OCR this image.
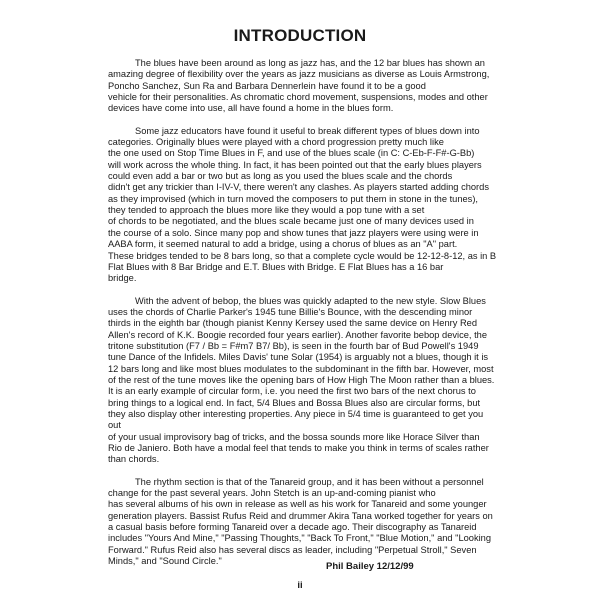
INTRODUCTION
The blues have been around as long as jazz has, and the 12 bar blues has shown an
amazing degree of flexibility over the years as jazz musicians as diverse as Louis Armstrong,
Poncho Sanchez, Sun Ra and Barbara Dennerlein have found it to be a good
vehicle for their personalities. As chromatic chord movement, suspensions, modes and other
devices have come into use, all have found a home in the blues form.
Some jazz educators have found it useful to break different types of blues down into
categories. Originally blues were played with a chord progression pretty much like
the one used on Stop Time Blues in F, and use of the blues scale (in C: C-Eb-F-F#-G-Bb)
will work across the whole thing. In fact, it has been pointed out that the early blues players
could even add a bar or two but as long as you used the blues scale and the chords
didn't get any trickier than I-IV-V, there weren't any clashes. As players started adding chords
as they improvised (which in turn moved the composers to put them in stone in the tunes),
they tended to approach the blues more like they would a pop tune with a set
of chords to be negotiated, and the blues scale became just one of many devices used in
the course of a solo. Since many pop and show tunes that jazz players were using were in
AABA form, it seemed natural to add a bridge, using a chorus of blues as an "A" part.
These bridges tended to be 8 bars long, so that a complete cycle would be 12-12-8-12, as in B
Flat Blues with 8 Bar Bridge and E.T. Blues with Bridge. E Flat Blues has a 16 bar
bridge.
With the advent of bebop, the blues was quickly adapted to the new style. Slow Blues
uses the chords of Charlie Parker's 1945 tune Billie's Bounce, with the descending minor
thirds in the eighth bar (though pianist Kenny Kersey used the same device on Henry Red
Allen's record of K.K. Boogie recorded four years earlier). Another favorite bebop device, the
tritone substitution (F7 / Bb = F#m7 B7/ Bb), is seen in the fourth bar of Bud Powell's 1949
tune Dance of the Infidels. Miles Davis' tune Solar (1954) is arguably not a blues, though it is
12 bars long and like most blues modulates to the subdominant in the fifth bar. However, most
of the rest of the tune moves like the opening bars of How High The Moon rather than a blues.
It is an early example of circular form, i.e. you need the first two bars of the next chorus to
bring things to a logical end. In fact, 5/4 Blues and Bossa Blues also are circular forms, but
they also display other interesting properties. Any piece in 5/4 time is guaranteed to get you
out
of your usual improvisory bag of tricks, and the bossa sounds more like Horace Silver than
Rio de Janiero. Both have a modal feel that tends to make you think in terms of scales rather
than chords.
The rhythm section is that of the Tanareid group, and it has been without a personnel
change for the past several years. John Stetch is an up-and-coming pianist who
has several albums of his own in release as well as his work for Tanareid and some younger
generation players. Bassist Rufus Reid and drummer Akira Tana worked together for years on
a casual basis before forming Tanareid over a decade ago. Their discography as Tanareid
includes "Yours And Mine," "Passing Thoughts," "Back To Front," "Blue Motion," and "Looking
Forward." Rufus Reid also has several discs as leader, including "Perpetual Stroll," Seven
Minds," and "Sound Circle."	Phil Bailey 12/12/99
ii
